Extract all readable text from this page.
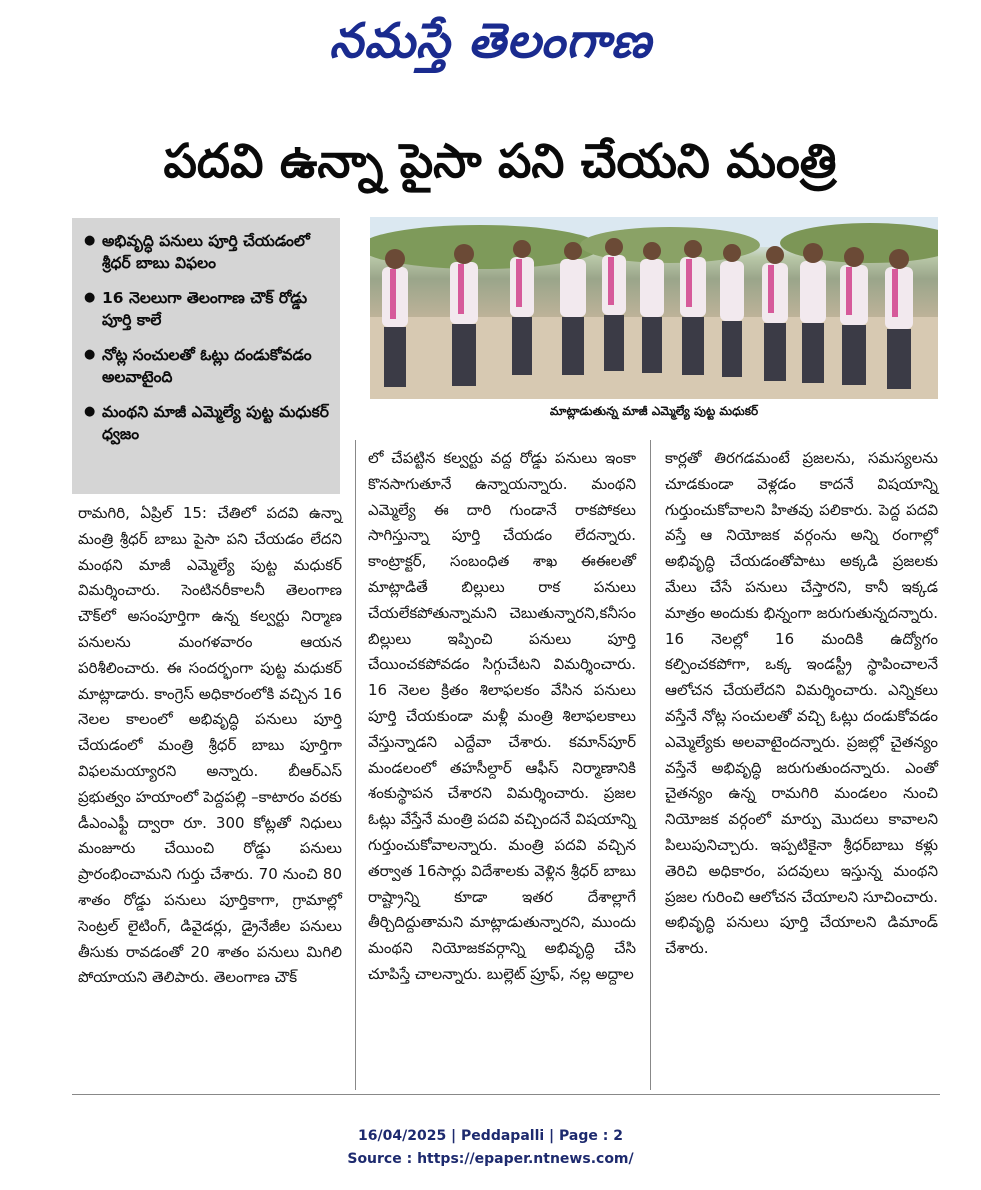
నమస్తే తెలంగాణ
పదవి ఉన్నా పైసా పని చేయని మంత్రి
● అభివృద్ధి పనులు పూర్తి చేయడంలో శ్రీధర్ బాబు విఫలం
● 16 నెలలుగా తెలంగాణ చౌక్ రోడ్డు పూర్తి కాలే
● నోట్ల సంచులతో ఓట్లు దండుకోవడం అలవాటైంది
● మంథని మాజీ ఎమ్మెల్యే పుట్ట మధుకర్ ధ్వజం
మాట్లాడుతున్న మాజీ ఎమ్మెల్యే పుట్ట మధుకర్

రామగిరి, ఏప్రిల్ 15: చేతిలో పదవి ఉన్నా మంత్రి శ్రీధర్ బాబు పైసా పని చేయడం లేదని మంథని మాజీ ఎమ్మెల్యే పుట్ట మధుకర్ విమర్శించారు. సెంటినరీకాలనీ తెలంగాణ చౌక్‌లో అసంపూర్తిగా ఉన్న కల్వర్టు నిర్మాణ పనులను మంగళవారం ఆయన పరిశీలించారు. ఈ సందర్భంగా పుట్ట మధుకర్ మాట్లాడారు. కాంగ్రెస్ అధికారంలోకి వచ్చిన 16 నెలల కాలంలో అభివృద్ధి పనులు పూర్తి చేయడంలో మంత్రి శ్రీధర్ బాబు పూర్తిగా విఫలమయ్యారని అన్నారు. బీఆర్ఎస్ ప్రభుత్వం హయాంలో పెద్దపల్లి –కాటారం వరకు డీఎంఎఫ్టీ ద్వారా రూ. 300 కోట్లతో నిధులు మంజూరు చేయించి రోడ్డు పనులు ప్రారంభించామని గుర్తు చేశారు. 70 నుంచి 80 శాతం రోడ్డు పనులు పూర్తికాగా, గ్రామాల్లో సెంట్రల్ లైటింగ్, డివైడర్లు, డ్రైనేజీల పనులు తీసుకు రావడంతో 20 శాతం పనులు మిగిలి పోయాయని తెలిపారు. తెలంగాణ చౌక్

లో చేపట్టిన కల్వర్టు వద్ద రోడ్డు పనులు ఇంకా కొనసాగుతూనే ఉన్నాయన్నారు. మంథని ఎమ్మెల్యే ఈ దారి గుండానే రాకపోకలు సాగిస్తున్నా పూర్తి చేయడం లేదన్నారు. కాంట్రాక్టర్, సంబంధిత శాఖ ఈఈలతో మాట్లాడితే బిల్లులు రాక పనులు చేయలేకపోతున్నామని చెబుతున్నారని,కనీసం బిల్లులు ఇప్పించి పనులు పూర్తి చేయించకపోవడం సిగ్గుచేటని విమర్శించారు. 16 నెలల క్రితం శిలాఫలకం వేసిన పనులు పూర్తి చేయకుండా మళ్లీ మంత్రి శిలాఫలకాలు వేస్తున్నాడని ఎద్దేవా చేశారు. కమాన్‌పూర్ మండలంలో తహసీల్దార్ ఆఫీస్ నిర్మాణానికి శంకుస్థాపన చేశారని విమర్శించారు. ప్రజల ఓట్లు వేస్తేనే మంత్రి పదవి వచ్చిందనే విషయాన్ని గుర్తుంచుకోవాలన్నారు. మంత్రి పదవి వచ్చిన తర్వాత 16సార్లు విదేశాలకు వెళ్లిన శ్రీధర్ బాబు రాష్ట్రాన్ని కూడా ఇతర దేశాల్లాగే తీర్చిదిద్దుతామని మాట్లాడుతున్నారని, ముందు మంథని నియోజకవర్గాన్ని అభివృద్ధి చేసి చూపిస్తే చాలన్నారు. బుల్లెట్ ప్రూఫ్, నల్ల అద్దాల

కార్లతో తిరగడమంటే ప్రజలను, సమస్యలను చూడకుండా వెళ్లడం కాదనే విషయాన్ని గుర్తుంచుకోవాలని హితవు పలికారు. పెద్ద పదవి వస్తే ఆ నియోజక వర్గంను అన్ని రంగాల్లో అభివృద్ధి చేయడంతోపాటు అక్కడి ప్రజలకు మేలు చేసే పనులు చేస్తారని, కానీ ఇక్కడ మాత్రం అందుకు భిన్నంగా జరుగుతున్నదన్నారు. 16 నెలల్లో 16 మందికి ఉద్యోగం కల్పించకపోగా, ఒక్క ఇండస్ట్రీ స్థాపించాలనే ఆలోచన చేయలేదని విమర్శించారు. ఎన్నికలు వస్తేనే నోట్ల సంచులతో వచ్చి ఓట్లు దండుకోవడం ఎమ్మెల్యేకు అలవాటైందన్నారు. ప్రజల్లో చైతన్యం వస్తేనే అభివృద్ధి జరుగుతుందన్నారు. ఎంతో చైతన్యం ఉన్న రామగిరి మండలం నుంచి నియోజక వర్గంలో మార్పు మొదలు కావాలని పిలుపునిచ్చారు. ఇప్పటికైనా శ్రీధర్‌బాబు కళ్లు తెరిచి అధికారం, పదవులు ఇస్తున్న మంథని ప్రజల గురించి ఆలోచన చేయాలని సూచించారు. అభివృద్ధి పనులు పూర్తి చేయాలని డిమాండ్ చేశారు.

16/04/2025 | Peddapalli | Page : 2
Source : https://epaper.ntnews.com/
